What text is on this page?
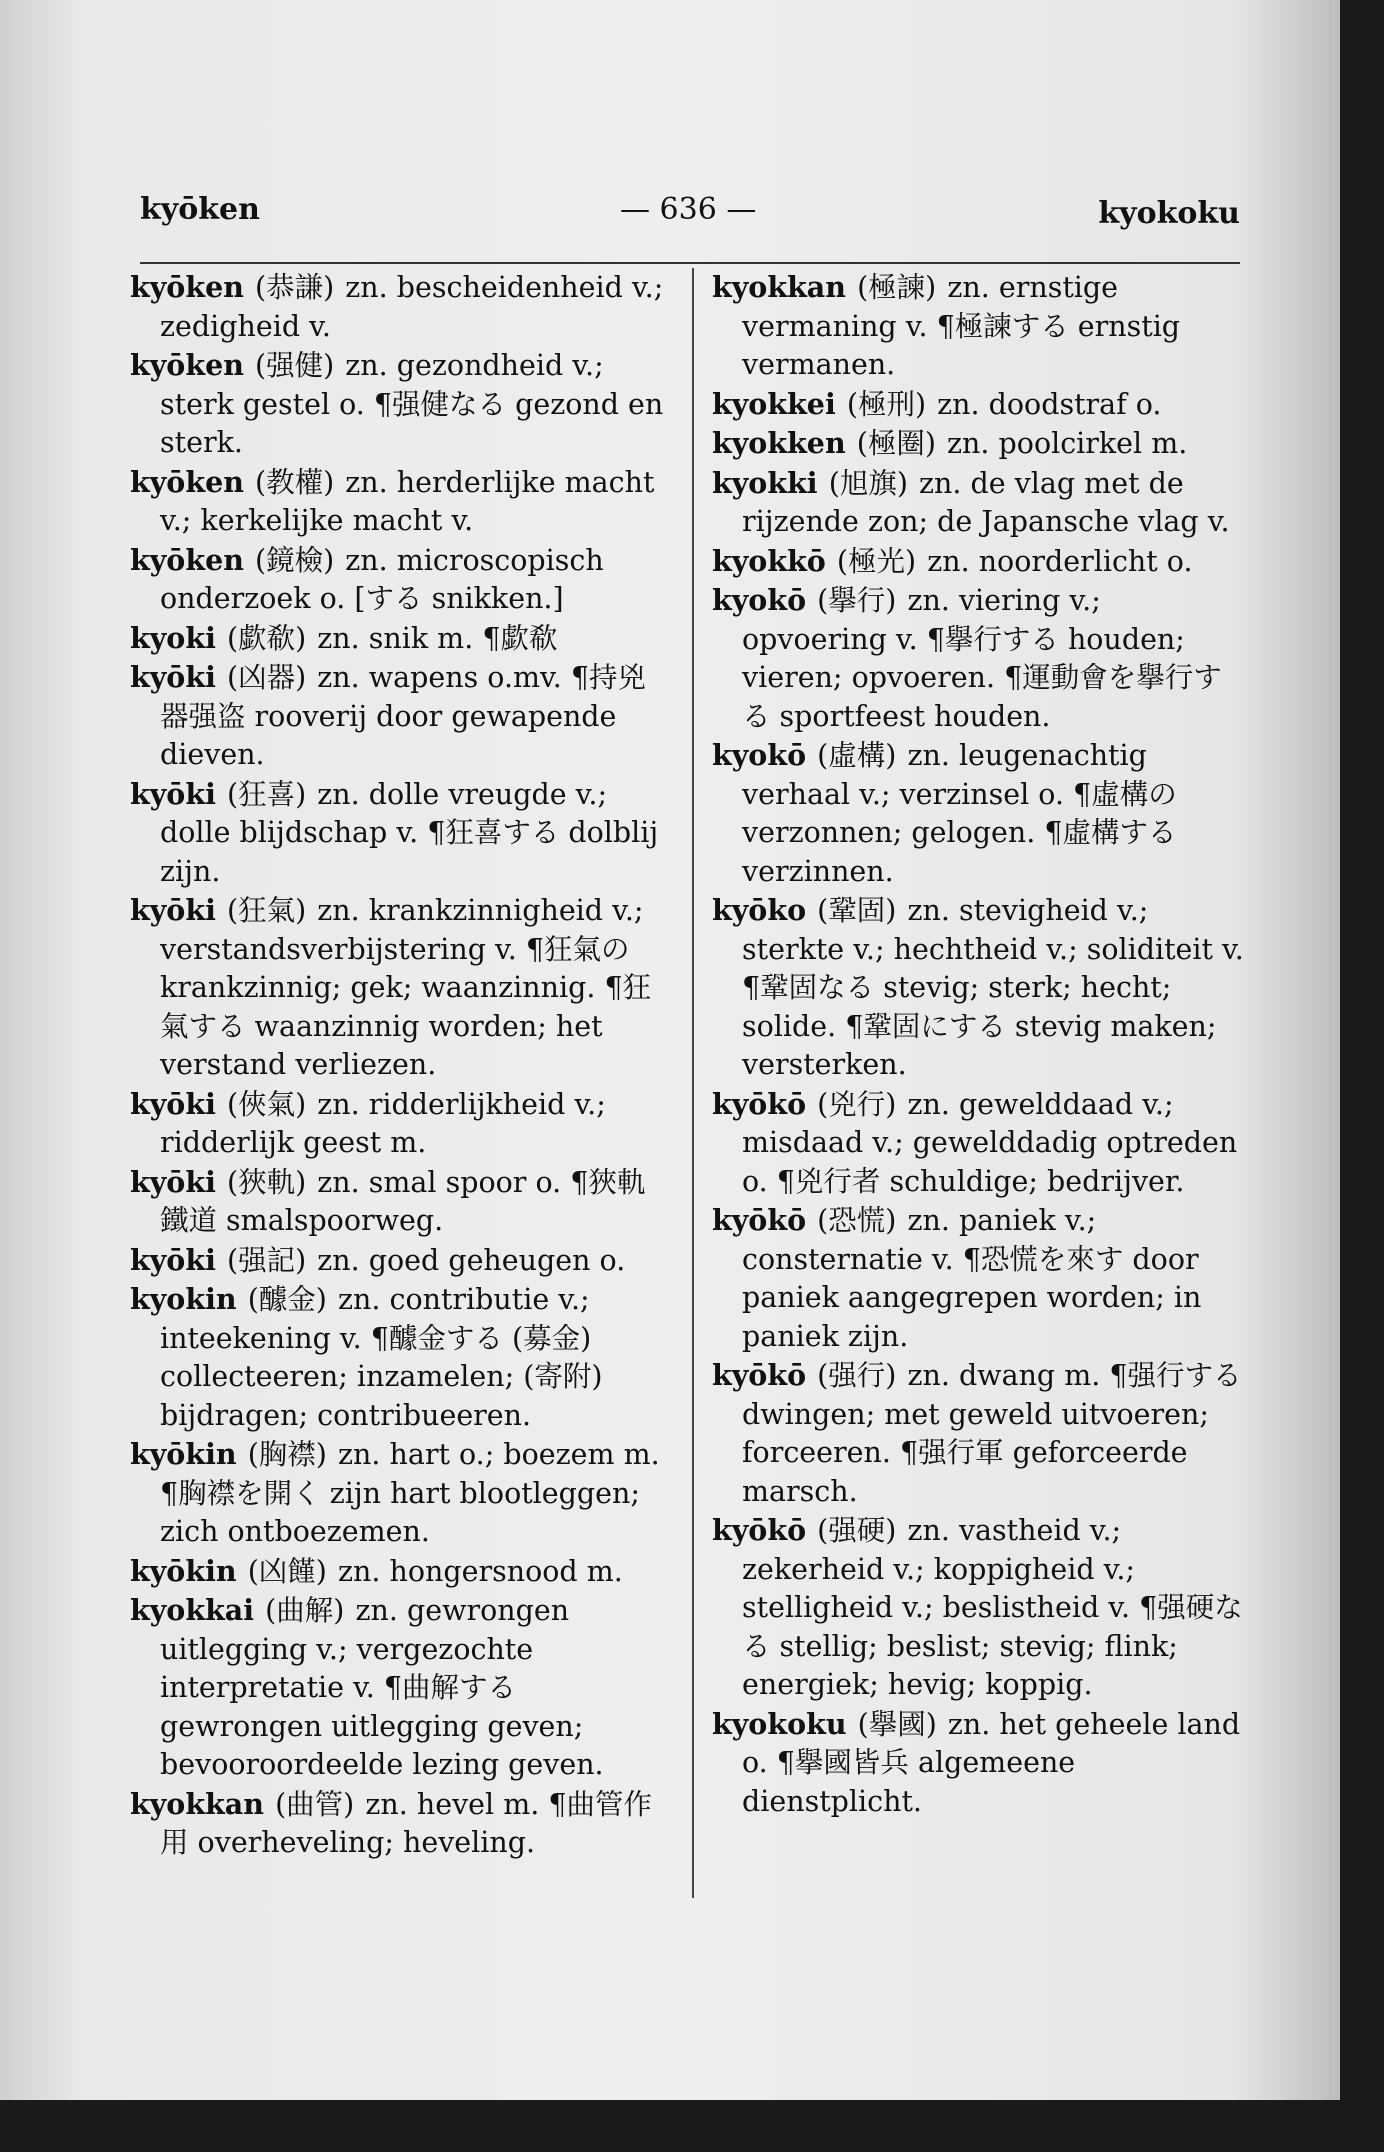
kyōken	— 636 —	kyokoku

kyōken (恭謙) zn. bescheidenheid v.; zedigheid v.

kyōken (强健) zn. gezondheid v.; sterk gestel o. ¶强健なる gezond en sterk.

kyōken (教權) zn. herderlijke macht v.; kerkelijke macht v.

kyōken (鏡檢) zn. microscopisch onderzoek o. [する snikken.]

kyoki (歔欷) zn. snik m. ¶歔欷

kyōki (凶器) zn. wapens o.mv. ¶持兇器强盗 rooverij door gewapende dieven.

kyōki (狂喜) zn. dolle vreugde v.; dolle blijdschap v. ¶狂喜する dolblij zijn.

kyōki (狂氣) zn. krankzinnigheid v.; verstandsverbijstering v. ¶狂氣の krankzinnig; gek; waanzinnig. ¶狂氣する waanzinnig worden; het verstand verliezen.

kyōki (俠氣) zn. ridderlijkheid v.; ridderlijk geest m.

kyōki (狹軌) zn. smal spoor o. ¶狹軌鐵道 smalspoorweg.

kyōki (强記) zn. goed geheugen o.

kyokin (醵金) zn. contributie v.; inteekening v. ¶醵金する (募金) collecteeren; inzamelen; (寄附) bijdragen; contribueeren.

kyōkin (胸襟) zn. hart o.; boezem m. ¶胸襟を開く zijn hart blootleggen; zich ontboezemen.

kyōkin (凶饉) zn. hongersnood m.

kyokkai (曲解) zn. gewrongen uitlegging v.; vergezochte interpretatie v. ¶曲解する gewrongen uitlegging geven; bevooroordeelde lezing geven.

kyokkan (曲管) zn. hevel m. ¶曲管作用 overheveling; heveling.

kyokkan (極諫) zn. ernstige vermaning v. ¶極諫する ernstig vermanen.

kyokkei (極刑) zn. doodstraf o.

kyokken (極圈) zn. poolcirkel m.

kyokki (旭旗) zn. de vlag met de rijzende zon; de Japansche vlag v.

kyokkō (極光) zn. noorderlicht o.

kyokō (擧行) zn. viering v.; opvoering v. ¶擧行する houden; vieren; opvoeren. ¶運動會を擧行する sportfeest houden.

kyokō (虛構) zn. leugenachtig verhaal v.; verzinsel o. ¶虛構の verzonnen; gelogen. ¶虛構する verzinnen.

kyōko (鞏固) zn. stevigheid v.; sterkte v.; hechtheid v.; soliditeit v. ¶鞏固なる stevig; sterk; hecht; solide. ¶鞏固にする stevig maken; versterken.

kyōkō (兇行) zn. gewelddaad v.; misdaad v.; gewelddadig optreden o. ¶兇行者 schuldige; bedrijver.

kyōkō (恐慌) zn. paniek v.; consternatie v. ¶恐慌を來す door paniek aangegrepen worden; in paniek zijn.

kyōkō (强行) zn. dwang m. ¶强行する dwingen; met geweld uitvoeren; forceeren. ¶强行軍 geforceerde marsch.

kyōkō (强硬) zn. vastheid v.; zekerheid v.; koppigheid v.; stelligheid v.; beslistheid v. ¶强硬なる stellig; beslist; stevig; flink; energiek; hevig; koppig.

kyokoku (擧國) zn. het geheele land o. ¶擧國皆兵 algemeene dienstplicht.
